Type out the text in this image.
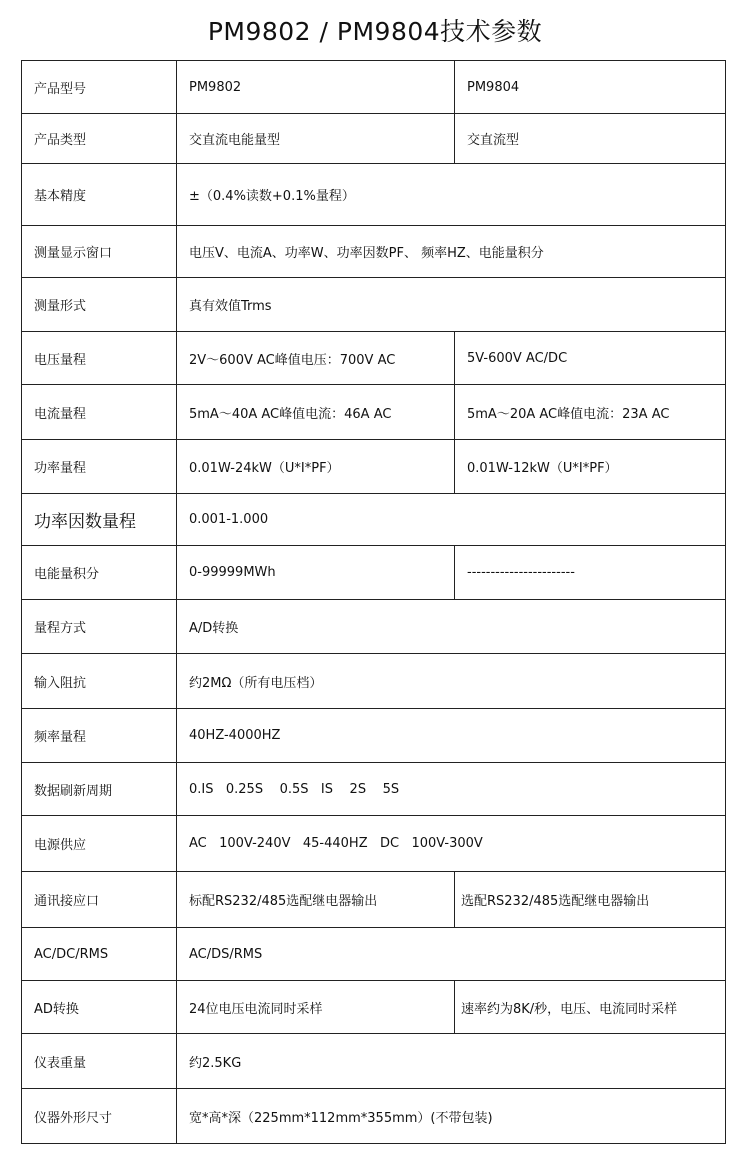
PM9802 / PM9804技术参数
产品型号	PM9802	PM9804
产品类型	交直流电能量型	交直流型
基本精度	±（0.4%读数+0.1%量程）	
测量显示窗口	电压V、电流A、功率W、功率因数PF、 频率HZ、电能量积分	
测量形式	真有效值Trms	
电压量程	2V～600V AC峰值电压：700V AC	5V-600V AC/DC
电流量程	5mA～40A AC峰值电流：46A AC	5mA～20A AC峰值电流：23A AC
功率量程	0.01W-24kW（U*I*PF）	0.01W-12kW（U*I*PF）
功率因数量程	0.001-1.000	
电能量积分	0-99999MWh	-----------------------
量程方式	A/D转换	
输入阻抗	约2MΩ（所有电压档）	
频率量程	40HZ-4000HZ	
数据刷新周期	0.IS   0.25S    0.5S   IS    2S    5S	
电源供应	AC   100V-240V   45-440HZ   DC   100V-300V	
通讯接应口	标配RS232/485选配继电器输出	选配RS232/485选配继电器输出
AC/DC/RMS	AC/DS/RMS	
AD转换	24位电压电流同时采样	速率约为8K/秒，电压、电流同时采样
仪表重量	约2.5KG	
仪器外形尺寸	宽*高*深（225mm*112mm*355mm）(不带包装)	
